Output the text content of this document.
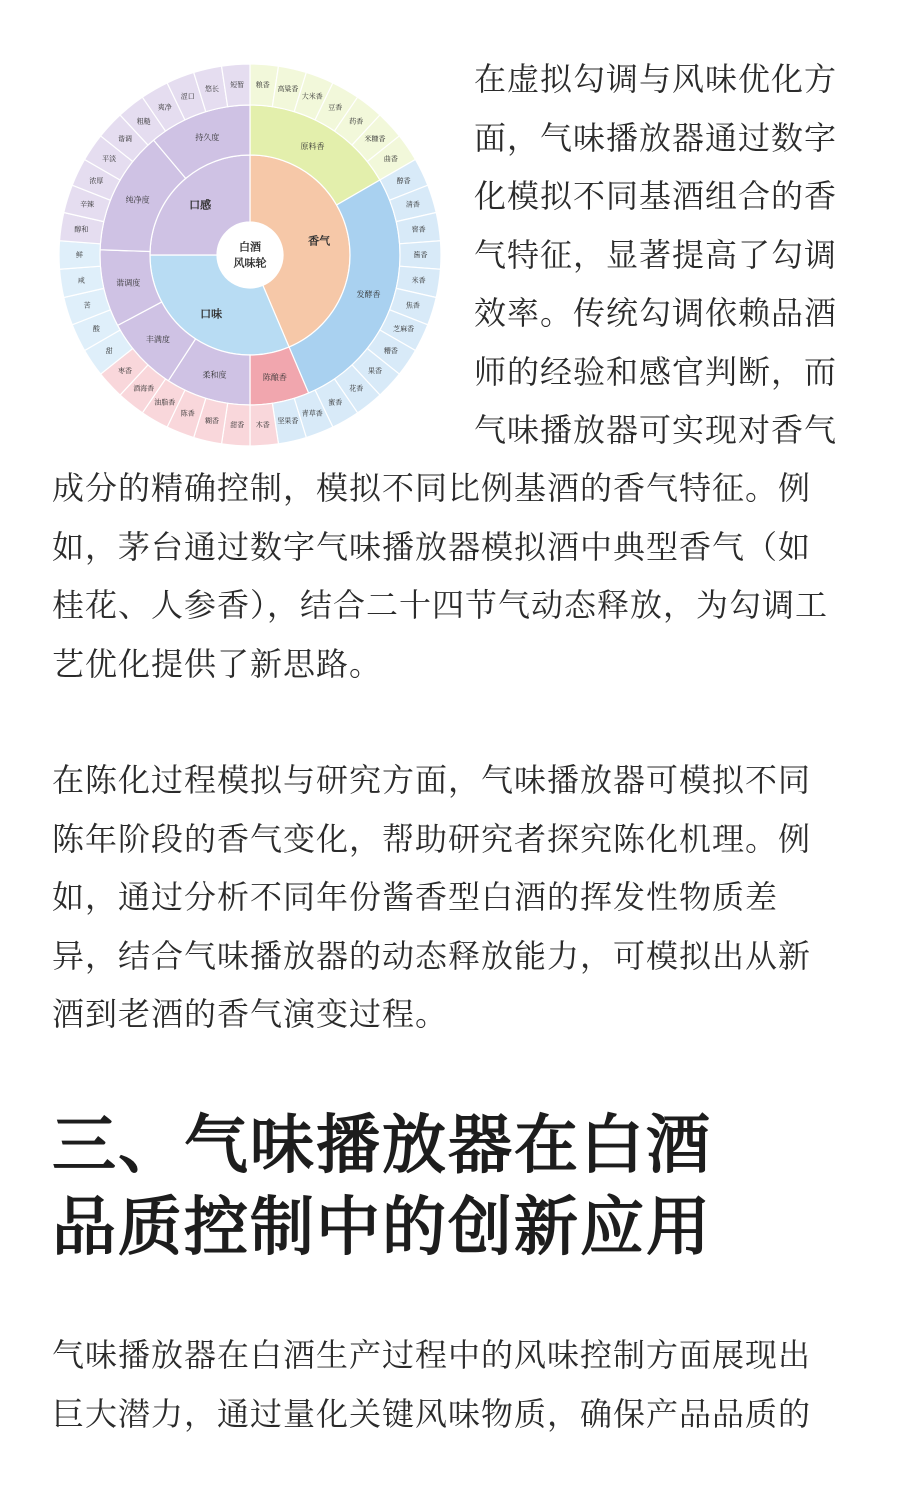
香气
口味
口感
原料香
发酵香
陈酿香
柔和度
丰满度
谐调度
纯净度
持久度
粮香 高粱香
大米香
豆香
药香
米糠香
曲香
醇香
清香
窖香
酱香
米香
焦香
芝麻香
糟香
果香
花香
蜜香
青草香
坚果香
木香
甜香
糊香
陈香
油脂香
酒海香
枣香
甜
酸
苦
咸
鲜
醇和
辛辣
浓厚
平淡
谐调
粗糙
爽净
涩口
悠长 短暂
白酒
风味轮

在虚拟勾调与风味优化方
面，气味播放器通过数字
化模拟不同基酒组合的香
气特征，显著提高了勾调
效率。传统勾调依赖品酒
师的经验和感官判断，而
气味播放器可实现对香气

成分的精确控制，模拟不同比例基酒的香气特征。例
如，茅台通过数字气味播放器模拟酒中典型香气（如
桂花、人参香），结合二十四节气动态释放，为勾调工
艺优化提供了新思路。

在陈化过程模拟与研究方面，气味播放器可模拟不同
陈年阶段的香气变化，帮助研究者探究陈化机理。例
如，通过分析不同年份酱香型白酒的挥发性物质差
异，结合气味播放器的动态释放能力，可模拟出从新
酒到老酒的香气演变过程。

三、气味播放器在白酒
品质控制中的创新应用

气味播放器在白酒生产过程中的风味控制方面展现出
巨大潜力，通过量化关键风味物质，确保产品品质的
